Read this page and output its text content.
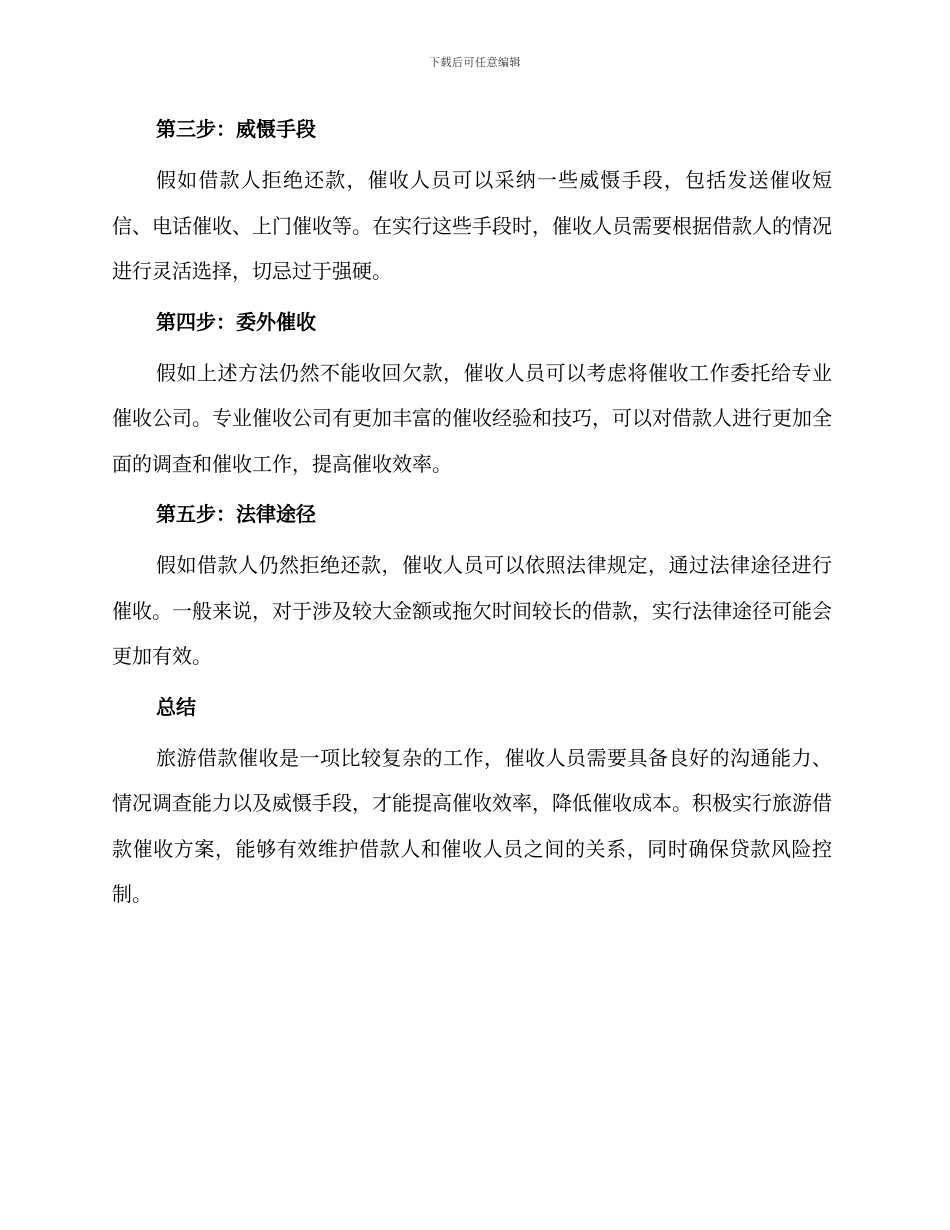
下载后可任意编辑
第三步：威慑手段

假如借款人拒绝还款，催收人员可以采纳一些威慑手段，包括发送催收短信、电话催收、上门催收等。在实行这些手段时，催收人员需要根据借款人的情况进行灵活选择，切忌过于强硬。

第四步：委外催收

假如上述方法仍然不能收回欠款，催收人员可以考虑将催收工作委托给专业催收公司。专业催收公司有更加丰富的催收经验和技巧，可以对借款人进行更加全面的调查和催收工作，提高催收效率。

第五步：法律途径

假如借款人仍然拒绝还款，催收人员可以依照法律规定，通过法律途径进行催收。一般来说，对于涉及较大金额或拖欠时间较长的借款，实行法律途径可能会更加有效。

总结

旅游借款催收是一项比较复杂的工作，催收人员需要具备良好的沟通能力、情况调查能力以及威慑手段，才能提高催收效率，降低催收成本。积极实行旅游借款催收方案，能够有效维护借款人和催收人员之间的关系，同时确保贷款风险控制。
